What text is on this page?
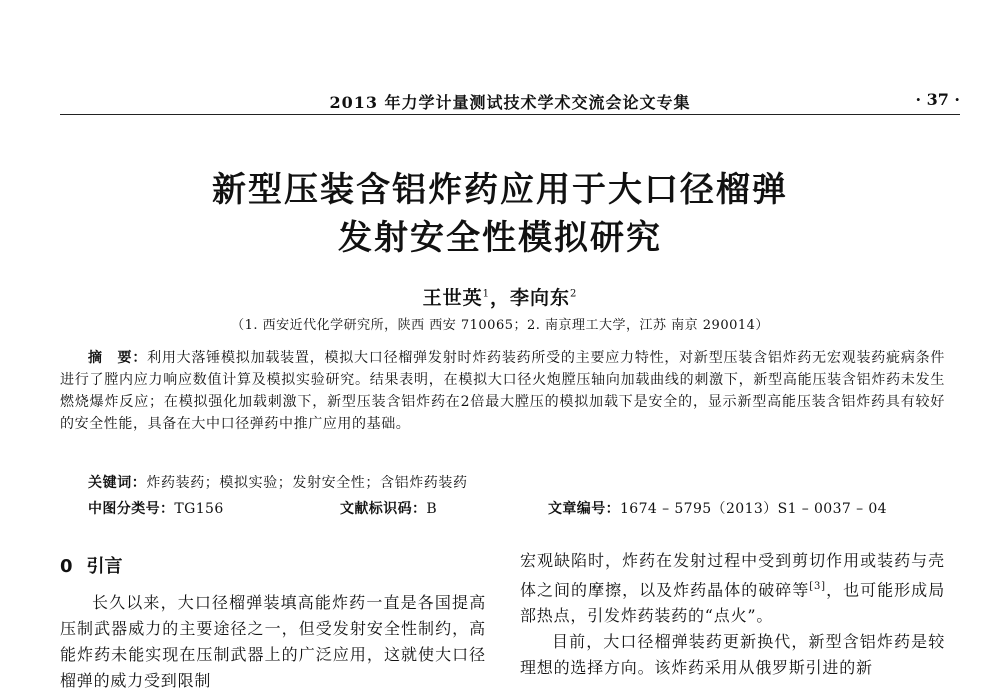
2013 年力学计量测试技术学术交流会论文专集	· 37 ·
新型压装含铝炸药应用于大口径榴弹
发射安全性模拟研究
王世英$^1$，李向东$^2$
（1. 西安近代化学研究所，陕西 西安 710065；2. 南京理工大学，江苏 南京 290014）
摘　要：利用大落锤模拟加载装置，模拟大口径榴弹发射时炸药装药所受的主要应力特性，对新型压装含铝炸药无宏观装药疵病条件进行了膛内应力响应数值计算及模拟实验研究。结果表明，在模拟大口径火炮膛压轴向加载曲线的刺激下，新型高能压装含铝炸药未发生燃烧爆炸反应；在模拟强化加载刺激下，新型压装含铝炸药在2倍最大膛压的模拟加载下是安全的，显示新型高能压装含铝炸药具有较好的安全性能，具备在大中口径弹药中推广应用的基础。
关键词：炸药装药；模拟实验；发射安全性；含铝炸药装药
中图分类号：TG156	文献标识码：B	文章编号：1674 – 5795（2013）S1 – 0037 – 04
0 引言

长久以来，大口径榴弹装填高能炸药一直是各国提高压制武器威力的主要途径之一，但受发射安全性制约，高能炸药未能实现在压制武器上的广泛应用，这就使大口径榴弹的威力受到限制

宏观缺陷时，炸药在发射过程中受到剪切作用或装药与壳体之间的摩擦，以及炸药晶体的破碎等[3]，也可能形成局部热点，引发炸药装药的“点火”。

目前，大口径榴弹装药更新换代，新型含铝炸药是较理想的选择方向。该炸药采用从俄罗斯引进的新
